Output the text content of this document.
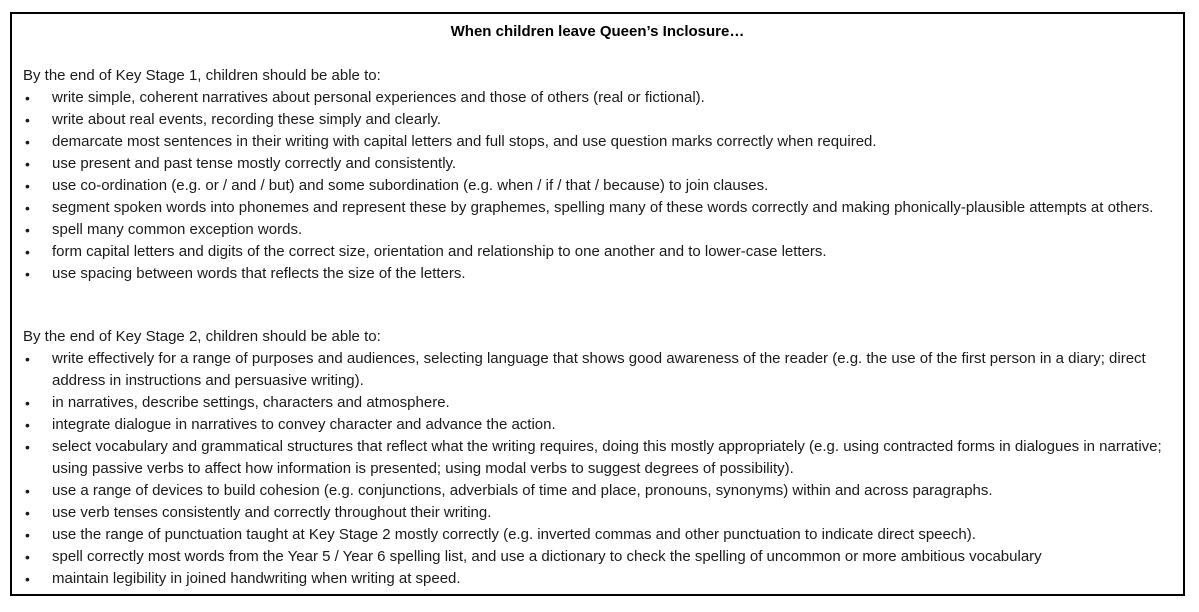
When children leave Queen’s Inclosure…
By the end of Key Stage 1, children should be able to:
• write simple, coherent narratives about personal experiences and those of others (real or fictional).
• write about real events, recording these simply and clearly.
• demarcate most sentences in their writing with capital letters and full stops, and use question marks correctly when required.
• use present and past tense mostly correctly and consistently.
• use co-ordination (e.g. or / and / but) and some subordination (e.g. when / if / that / because) to join clauses.
• segment spoken words into phonemes and represent these by graphemes, spelling many of these words correctly and making phonically-plausible attempts at others.
• spell many common exception words.
• form capital letters and digits of the correct size, orientation and relationship to one another and to lower-case letters.
• use spacing between words that reflects the size of the letters.
By the end of Key Stage 2, children should be able to:
• write effectively for a range of purposes and audiences, selecting language that shows good awareness of the reader (e.g. the use of the first person in a diary; direct address in instructions and persuasive writing).
• in narratives, describe settings, characters and atmosphere.
• integrate dialogue in narratives to convey character and advance the action.
• select vocabulary and grammatical structures that reflect what the writing requires, doing this mostly appropriately (e.g. using contracted forms in dialogues in narrative; using passive verbs to affect how information is presented; using modal verbs to suggest degrees of possibility).
• use a range of devices to build cohesion (e.g. conjunctions, adverbials of time and place, pronouns, synonyms) within and across paragraphs.
• use verb tenses consistently and correctly throughout their writing.
• use the range of punctuation taught at Key Stage 2 mostly correctly (e.g. inverted commas and other punctuation to indicate direct speech).
• spell correctly most words from the Year 5 / Year 6 spelling list, and use a dictionary to check the spelling of uncommon or more ambitious vocabulary
• maintain legibility in joined handwriting when writing at speed.
